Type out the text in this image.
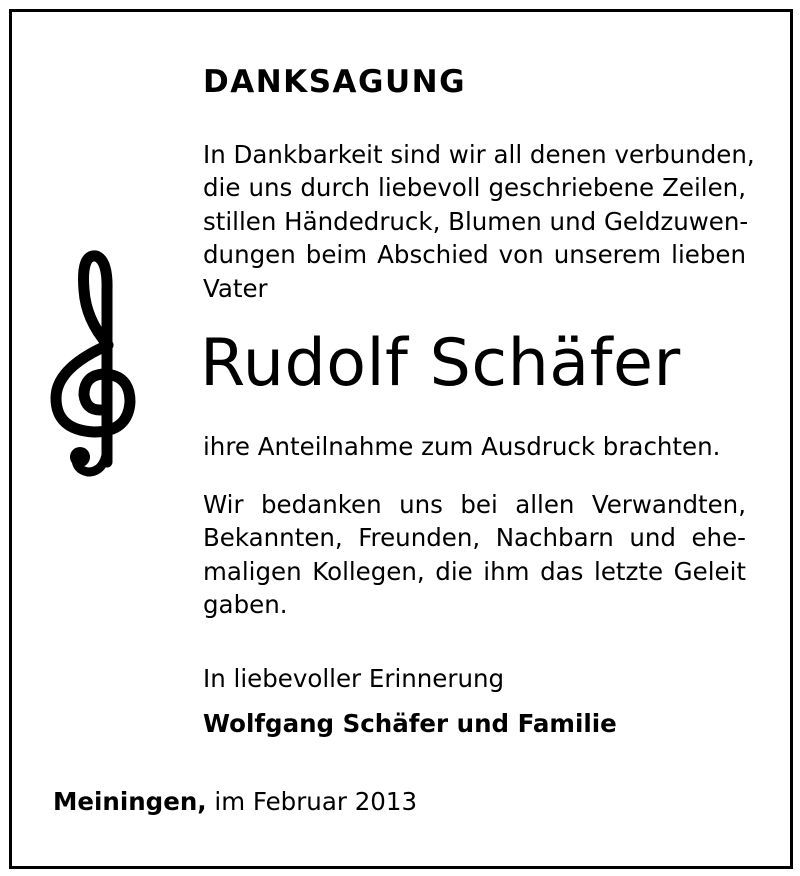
DANKSAGUNG

In Dankbarkeit sind wir all denen verbunden,
die uns durch liebevoll geschriebene Zeilen,
stillen Händedruck, Blumen und Geldzuwen-
dungen beim Abschied von unserem lieben
Vater

Rudolf Schäfer
ihre Anteilnahme zum Ausdruck brachten.

Wir bedanken uns bei allen Verwandten,
Bekannten, Freunden, Nachbarn und ehe-
maligen Kollegen, die ihm das letzte Geleit
gaben.

In liebevoller Erinnerung
Wolfgang Schäfer und Familie
Meiningen, im Februar 2013
